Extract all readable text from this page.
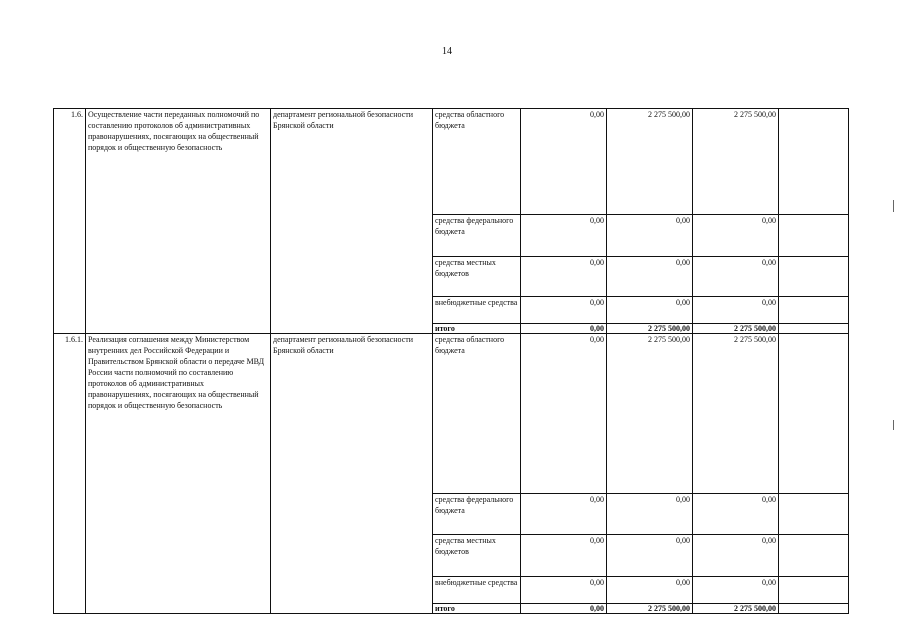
14
1.6.	Осуществление части переданных полномочий по составлению протоколов об административных правонарушениях, посягающих на общественный порядок и общественную безопасность	департамент региональной безопасности Брянской области	средства областного бюджета	0,00	2 275 500,00	2 275 500,00	
			средства федерального бюджета	0,00	0,00	0,00	
			средства местных бюджетов	0,00	0,00	0,00	
			внебюджетные средства	0,00	0,00	0,00	
			итого	0,00	2 275 500,00	2 275 500,00	
1.6.1.	Реализация соглашения между Министерством внутренних дел Российской Федерации и Правительством Брянской области о передаче МВД России части полномочий по составлению протоколов об административных правонарушениях, посягающих на общественный порядок и общественную безопасность	департамент региональной безопасности Брянской области	средства областного бюджета	0,00	2 275 500,00	2 275 500,00	
			средства федерального бюджета	0,00	0,00	0,00	
			средства местных бюджетов	0,00	0,00	0,00	
			внебюджетные средства	0,00	0,00	0,00	
			итого	0,00	2 275 500,00	2 275 500,00	
